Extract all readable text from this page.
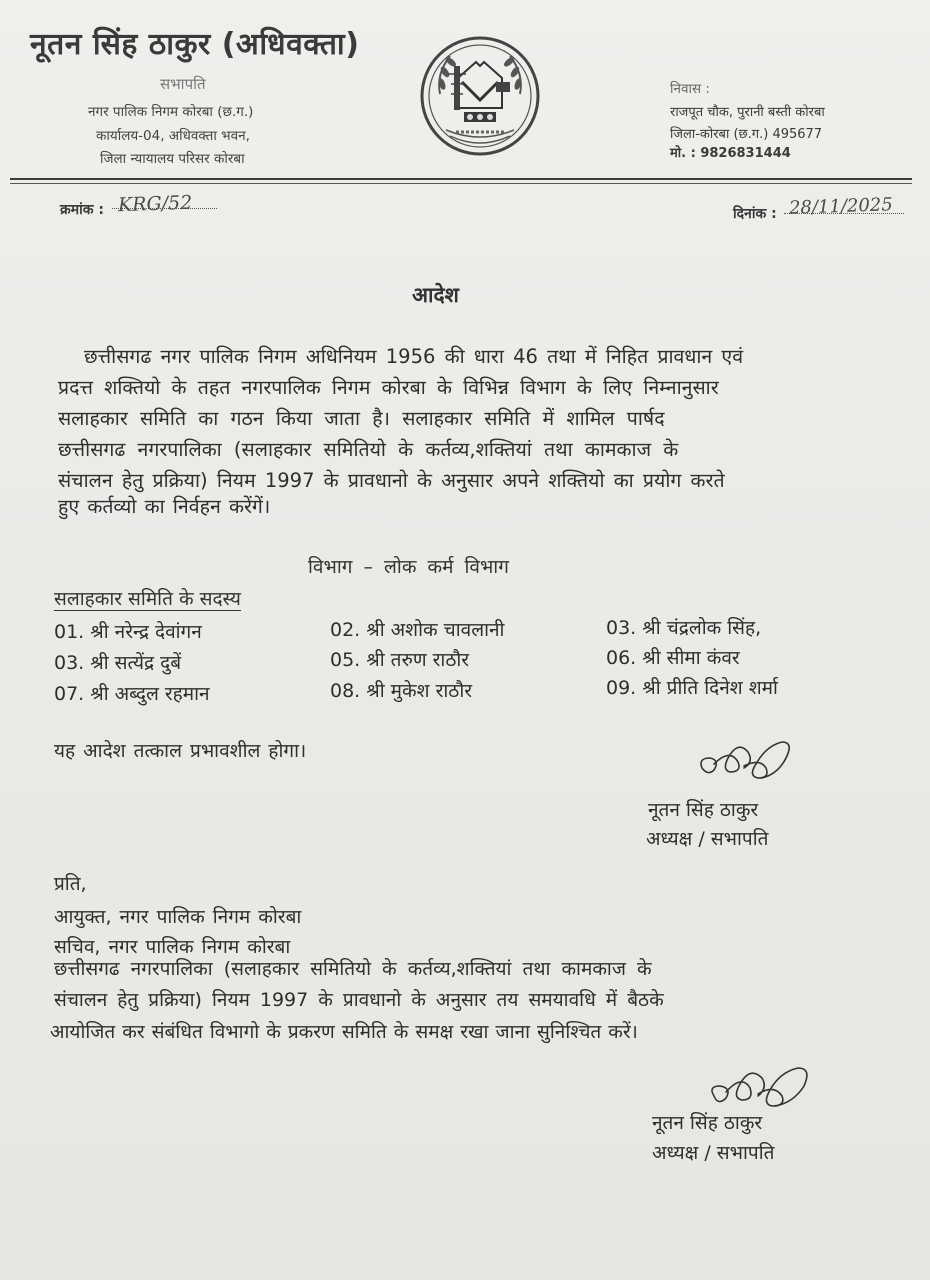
नूतन सिंह ठाकुर (अधिवक्ता)
सभापति
नगर पालिक निगम कोरबा (छ.ग.)
कार्यालय-04, अधिवक्ता भवन,
जिला न्यायालय परिसर कोरबा
निवास :
राजपूत चौक, पुरानी बस्ती कोरबा
जिला-कोरबा (छ.ग.) 495677
मो. : 9826831444
क्रमांक : KRG/52	दिनांक : 28/11/2025
आदेश
छत्तीसगढ नगर पालिक निगम अधिनियम 1956 की धारा 46 तथा में निहित प्रावधान एवं
प्रदत्त शक्तियो के तहत नगरपालिक निगम कोरबा के विभिन्न विभाग के लिए निम्नानुसार
सलाहकार समिति का गठन किया जाता है। सलाहकार समिति में शामिल पार्षद
छत्तीसगढ नगरपालिका (सलाहकार समितियो के कर्तव्य,शक्तियां तथा कामकाज के
संचालन हेतु प्रक्रिया) नियम 1997 के प्रावधानो के अनुसार अपने शक्तियो का प्रयोग करते
हुए कर्तव्यो का निर्वहन करेंगें।
विभाग – लोक कर्म विभाग
सलाहकार समिति के सदस्य
01. श्री नरेन्द्र देवांगन	02. श्री अशोक चावलानी	03. श्री चंद्रलोक सिंह,
03. श्री सत्येंद्र दुबें	05. श्री तरुण राठौर	06. श्री सीमा कंवर
07. श्री अब्दुल रहमान	08. श्री मुकेश राठौर	09. श्री प्रीति दिनेश शर्मा
यह आदेश तत्काल प्रभावशील होगा।
नूतन सिंह ठाकुर
अध्यक्ष / सभापति
प्रति,
आयुक्त, नगर पालिक निगम कोरबा
सचिव, नगर पालिक निगम कोरबा
छत्तीसगढ नगरपालिका (सलाहकार समितियो के कर्तव्य,शक्तियां तथा कामकाज के
संचालन हेतु प्रक्रिया) नियम 1997 के प्रावधानो के अनुसार तय समयावधि में बैठके
आयोजित कर संबंधित विभागो के प्रकरण समिति के समक्ष रखा जाना सुनिश्चित करें।
नूतन सिंह ठाकुर
अध्यक्ष / सभापति
